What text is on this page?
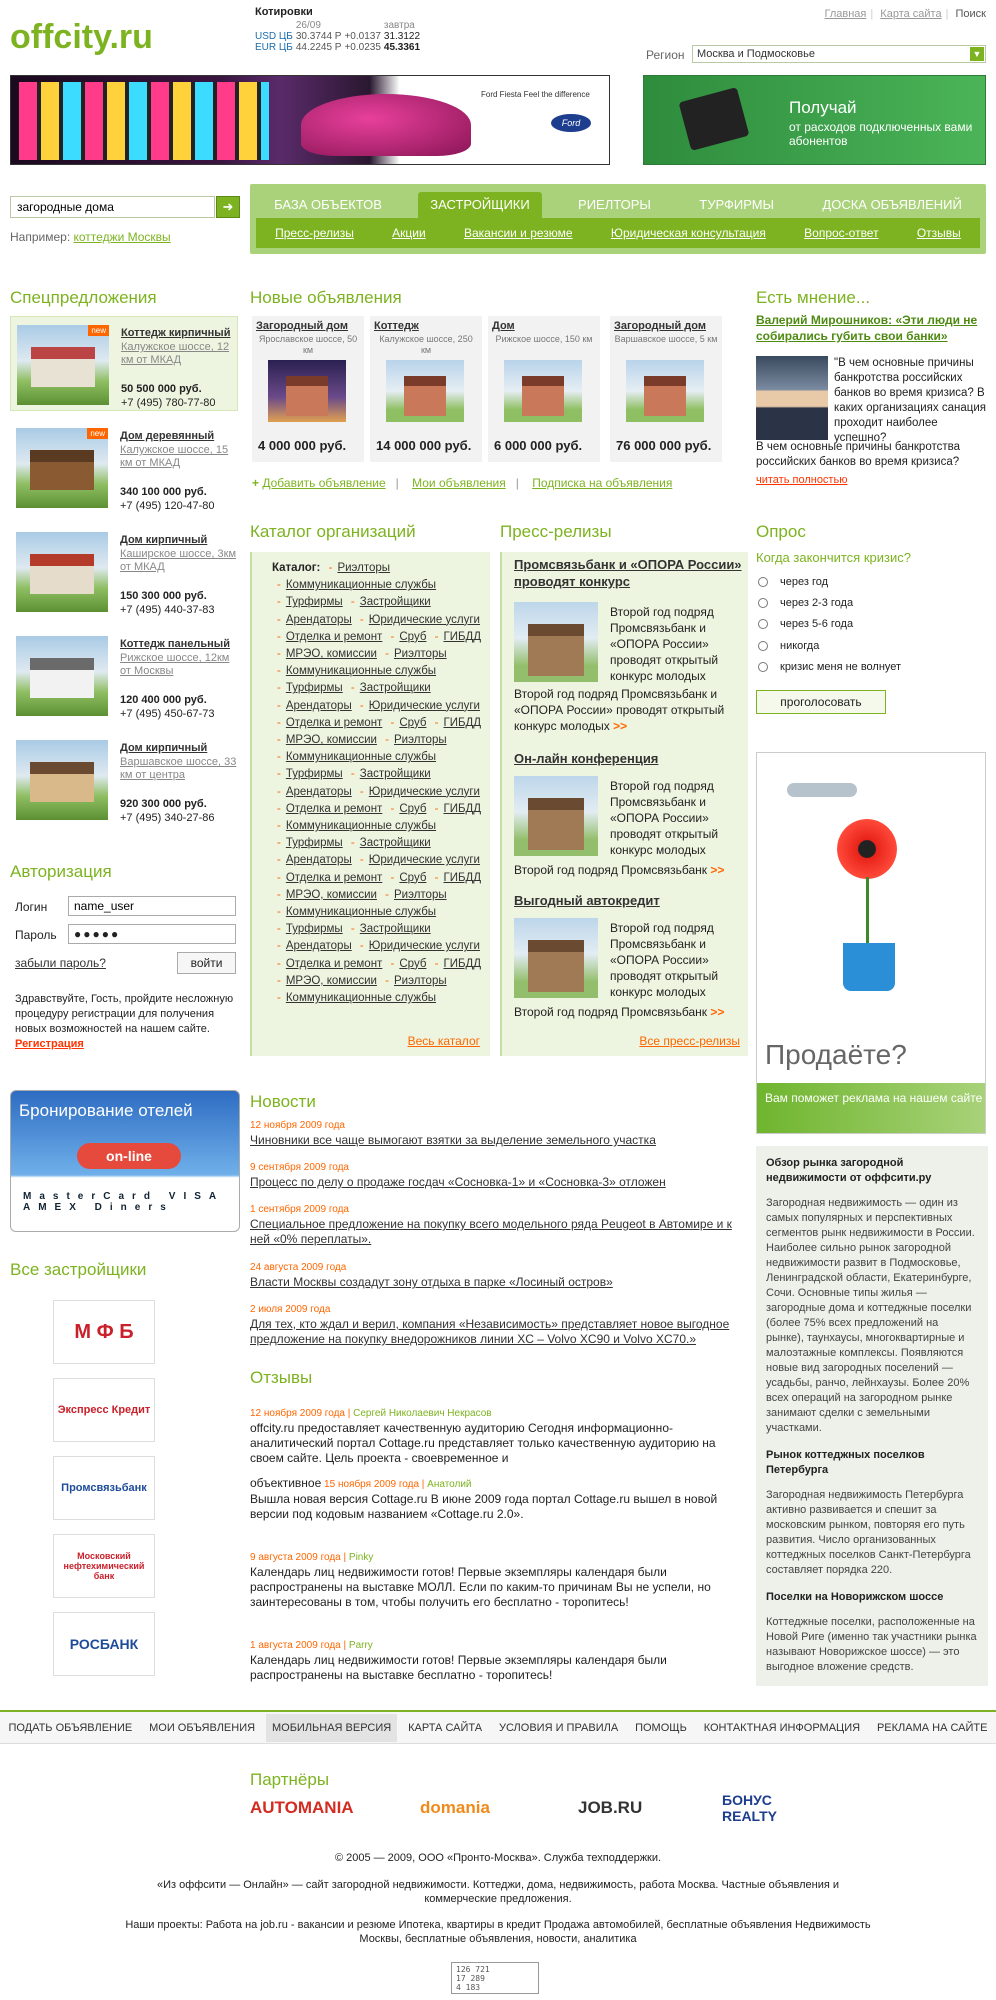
offcity.ru
Котировки
	26/09		завтра
USD ЦБ	30.3744 Р	+0.0137	31.3122
EUR ЦБ	44.2245 Р	+0.0235	45.3361
Главная | Карта сайта | Поиск
Регион	Москва и Подмосковье	▼
Ford Fiesta Feel the difference
Ford
Получай
от расходов подключенных вами абонентов
загородные дома
➜
Например: коттеджи Москвы
БАЗА ОБЪЕКТОВ	ЗАСТРОЙЩИКИ	РИЕЛТОРЫ	ТУРФИРМЫ	ДОСКА ОБЪЯВЛЕНИЙ
Пресс-релизы	Акции	Вакансии и резюме	Юридическая консультация	Вопрос-ответ	Отзывы
Спецпредложения
new Коттедж кирпичный
Калужское шоссе, 12 км от МКАД
50 500 000 руб.
+7 (495) 780-77-80
new Дом деревянный
Калужское шоссе, 15 км от МКАД
340 100 000 руб.
+7 (495) 120-47-80
Дом кирпичный
Каширское шоссе, 3км от МКАД
150 300 000 руб.
+7 (495) 440-37-83
Коттедж панельный
Рижское шоссе, 12км от Москвы
120 400 000 руб.
+7 (495) 450-67-73
Дом кирпичный
Варшавское шоссе, 33 км от центра
920 300 000 руб.
+7 (495) 340-27-86
Авторизация
Логин
name_user
Пароль	●●●●●
забыли пароль?	войти
Здравствуйте, Гость, пройдите несложную процедуру регистрации для получения новых возможностей на нашем сайте. Регистрация
Бронирование отелей
on-line
MasterCard VISA AMEX Diners
Все застройщики
М Ф Б
Экспресс Кредит
Промсвязьбанк
Московский нефтехимический банк
РОСБАНК
Новые объявления
Загородный дом
Ярославское шоссе, 50 км
4 000 000 руб.
Коттедж
Калужское шоссе, 250 км
14 000 000 руб.
Дом
Рижское шоссе, 150 км
6 000 000 руб.
Загородный дом
Варшавское шоссе, 5 км
76 000 000 руб.
+ Добавить объявление | Мои объявления | Подписка на объявления
Каталог организаций
Каталог: - Риэлторы - Коммуникационные службы - Турфирмы - Застройщики - Арендаторы - Юридические услуги - Отделка и ремонт - Сруб - ГИБДД - МРЭО, комиссии - Риэлторы - Коммуникационные службы - Турфирмы - Застройщики - Арендаторы - Юридические услуги - Отделка и ремонт - Сруб - ГИБДД - МРЭО, комиссии - Риэлторы - Коммуникационные службы - Турфирмы - Застройщики - Арендаторы - Юридические услуги - Отделка и ремонт - Сруб - ГИБДД - Коммуникационные службы - Турфирмы - Застройщики - Арендаторы - Юридические услуги - Отделка и ремонт - Сруб - ГИБДД - МРЭО, комиссии - Риэлторы - Коммуникационные службы - Турфирмы - Застройщики - Арендаторы - Юридические услуги - Отделка и ремонт - Сруб - ГИБДД - МРЭО, комиссии - Риэлторы - Коммуникационные службы
Весь каталог
Пресс-релизы
Промсвязьбанк и «ОПОРА России» проводят конкурс
Второй год подряд Промсвязьбанк и «ОПОРА России» проводят открытый конкурс молодых
Второй год подряд Промсвязьбанк и «ОПОРА России» проводят открытый конкурс молодых >>
Он-лайн конференция
Второй год подряд Промсвязьбанк и «ОПОРА России» проводят открытый конкурс молодых
Второй год подряд Промсвязьбанк >>
Выгодный автокредит
Второй год подряд Промсвязьбанк и «ОПОРА России» проводят открытый конкурс молодых
Второй год подряд Промсвязьбанк >>
Все пресс-релизы
Новости
12 ноября 2009 года
Чиновники все чаще вымогают взятки за выделение земельного участка
9 сентября 2009 года
Процесс по делу о продаже госдач «Сосновка-1» и «Сосновка-3» отложен
1 сентября 2009 года
Специальное предложение на покупку всего модельного ряда Peugeot в Автомире и к ней «0% переплаты».
24 августа 2009 года
Власти Москвы создадут зону отдыха в парке «Лосиный остров»
2 июля 2009 года
Для тех, кто ждал и верил, компания «Независимость» представляет новое выгодное предложение на покупку внедорожников линии XC – Volvo XC90 и Volvo XC70.»
Отзывы
12 ноября 2009 года | Сергей Николаевич Некрасов
offcity.ru предоставляет качественную аудиторию Сегодня информационно-аналитический портал Cottage.ru представляет только качественную аудиторию на своем сайте. Цель проекта - своевременное и
объективное 15 ноября 2009 года | Анатолий
Вышла новая версия Cottage.ru В июне 2009 года портал Cottage.ru вышел в новой версии под кодовым названием «Cottage.ru 2.0».
9 августа 2009 года | Pinky
Календарь лиц недвижимости готов! Первые экземпляры календаря были распространены на выставке МОЛЛ. Если по каким-то причинам Вы не успели, но заинтересованы в том, чтобы получить его бесплатно - торопитесь!
1 августа 2009 года | Parry
Календарь лиц недвижимости готов! Первые экземпляры календаря были распространены на выставке бесплатно - торопитесь!
Есть мнение...
Валерий Мирошников: «Эти люди не собирались губить свои банки»
"В чем основные причины банкротства российских банков во время кризиса? В каких организациях санация проходит наиболее успешно?
В чем основные причины банкротства российских банков во время кризиса?
читать полностью
Опрос
Когда закончится кризис?
через год
через 2-3 года
через 5-6 года
никогда
кризис меня не волнует
проголосовать
Продаёте?
Вам поможет реклама на нашем сайте
Обзор рынка загородной недвижимости от оффсити.ру

Загородная недвижимость — один из самых популярных и перспективных сегментов рынк недвижимости в России. Наиболее сильно рынок загородной недвижимости развит в Подмосковье, Ленинградской области, Екатеринбурге, Сочи. Основные типы жилья — загородные дома и коттеджные поселки (более 75% всех предложений на рынке), таунхаусы, многоквартирные и малоэтажные комплексы. Появляются новые вид загородных поселений — усадьбы, ранчо, лейнхаузы. Более 20% всех операций на загородном рынке занимают сделки с земельными участками.

Рынок коттеджных поселков Петербурга

Загородная недвижимость Петербурга активно развивается и спешит за московским рынком, повторяя его путь развития. Число организованных коттеджных поселков Санкт-Петербурга составляет порядка 220.

Поселки на Новорижском шоссе

Коттеджные поселки, расположенные на Новой Риге (именно так участники рынка называют Новорижское шоссе) — это выгодное вложение средств.

ПОДАТЬ ОБЪЯВЛЕНИЕ	МОИ ОБЪЯВЛЕНИЯ	МОБИЛЬНАЯ ВЕРСИЯ	КАРТА САЙТА	УСЛОВИЯ И ПРАВИЛА	ПОМОЩЬ	КОНТАКТНАЯ ИНФОРМАЦИЯ	РЕКЛАМА НА САЙТЕ
Партнёры
AUTOMANIA	domania	JOB.RU	БОНУС REALTY
© 2005 — 2009, ООО «Пронто-Москва». Служба техподдержки.
«Из оффсити — Онлайн» — сайт загородной недвижимости. Коттеджи, дома, недвижимость, работа Москва. Частные объявления и коммерческие предложения.
Наши проекты: Работа на job.ru - вакансии и резюме Ипотека, квартиры в кредит Продажа автомобилей, бесплатные объявления Недвижимость Москвы, бесплатные объявления, новости, аналитика
126 721
17 289
4 183
